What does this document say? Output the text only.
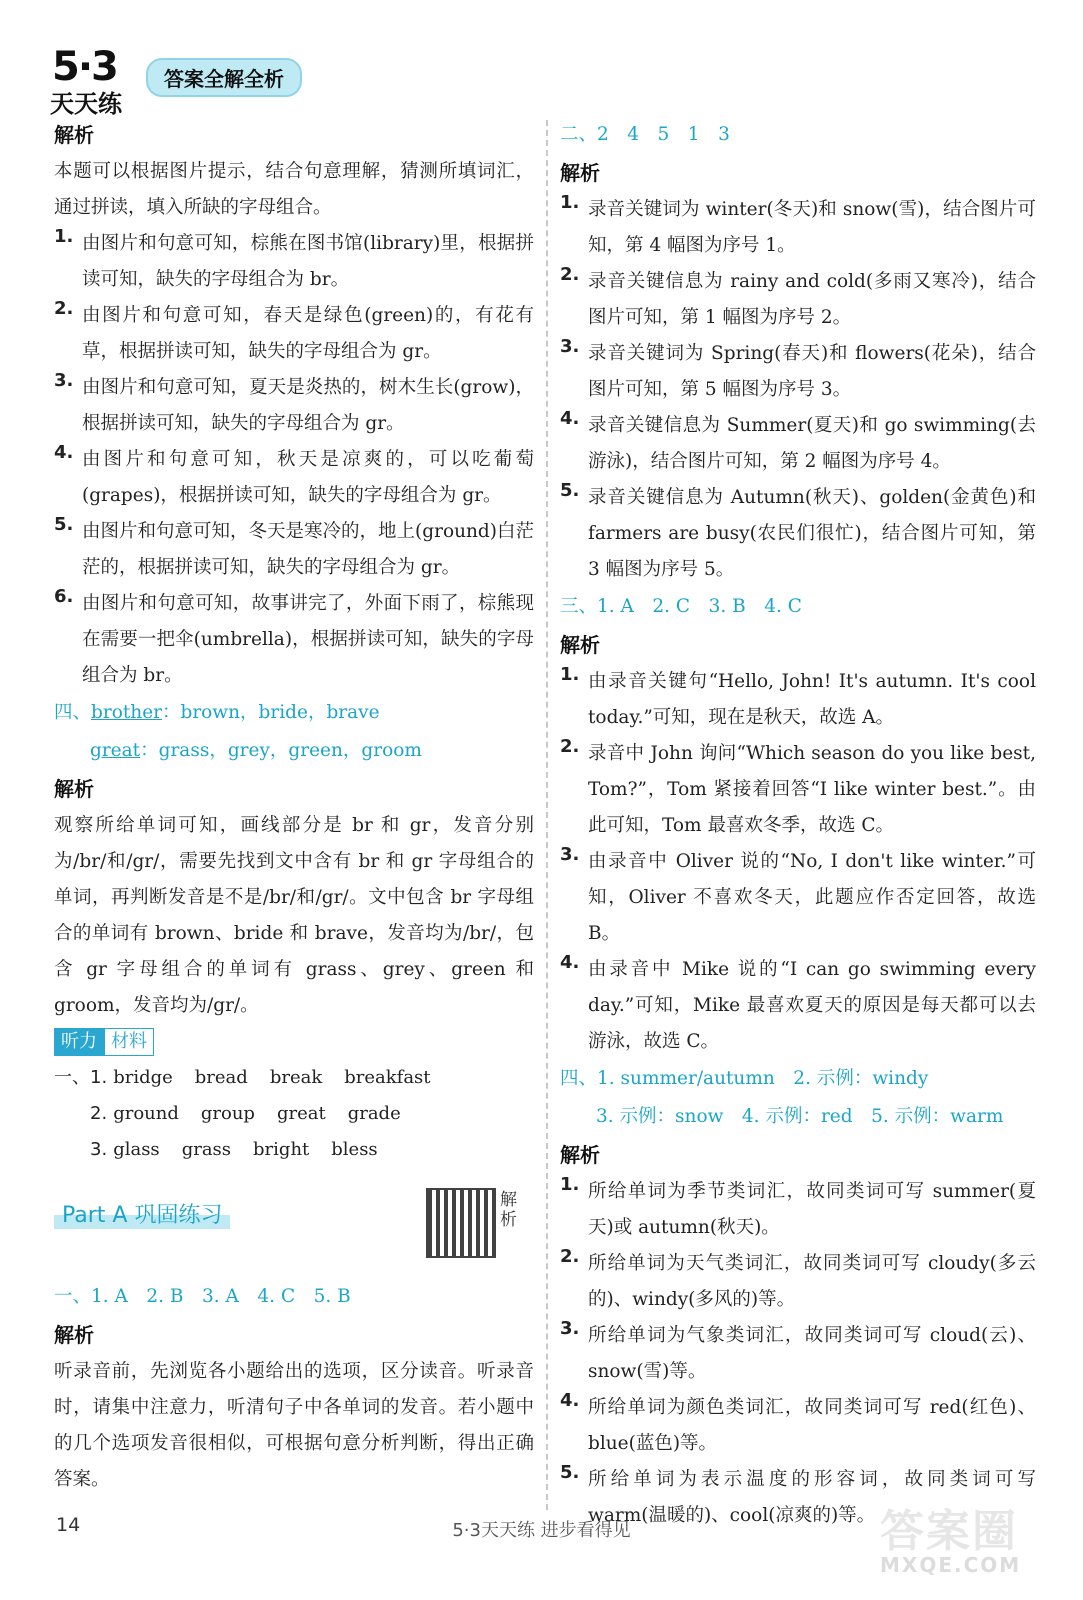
5·3
天天练
答案全解全析
解析
本题可以根据图片提示，结合句意理解，猜测所填词汇，通过拼读，填入所缺的字母组合。
1. 由图片和句意可知，棕熊在图书馆(library)里，根据拼读可知，缺失的字母组合为 br。
2. 由图片和句意可知，春天是绿色(green)的，有花有草，根据拼读可知，缺失的字母组合为 gr。
3. 由图片和句意可知，夏天是炎热的，树木生长(grow)，根据拼读可知，缺失的字母组合为 gr。
4. 由图片和句意可知，秋天是凉爽的，可以吃葡萄(grapes)，根据拼读可知，缺失的字母组合为 gr。
5. 由图片和句意可知，冬天是寒冷的，地上(ground)白茫茫的，根据拼读可知，缺失的字母组合为 gr。
6. 由图片和句意可知，故事讲完了，外面下雨了，棕熊现在需要一把伞(umbrella)，根据拼读可知，缺失的字母组合为 br。
四、brother：brown，bride，brave
great：grass，grey，green，groom
解析
观察所给单词可知，画线部分是 br 和 gr，发音分别为/br/和/gr/，需要先找到文中含有 br 和 gr 字母组合的单词，再判断发音是不是/br/和/gr/。文中包含 br 字母组合的单词有 brown、bride 和 brave，发音均为/br/，包含 gr 字母组合的单词有 grass、grey、green 和 groom，发音均为/gr/。
听力 材料
一、1. bridge bread break breakfast
2. ground group great grade
3. glass grass bright bless
Part A 巩固练习
解析
一、1. A　2. B　3. A　4. C　5. B
解析
听录音前，先浏览各小题给出的选项，区分读音。听录音时，请集中注意力，听清句子中各单词的发音。若小题中的几个选项发音很相似，可根据句意分析判断，得出正确答案。
二、2　4　5　1　3
解析
1. 录音关键词为 winter(冬天)和 snow(雪)，结合图片可知，第 4 幅图为序号 1。
2. 录音关键信息为 rainy and cold(多雨又寒冷)，结合图片可知，第 1 幅图为序号 2。
3. 录音关键词为 Spring(春天)和 flowers(花朵)，结合图片可知，第 5 幅图为序号 3。
4. 录音关键信息为 Summer(夏天)和 go swimming(去游泳)，结合图片可知，第 2 幅图为序号 4。
5. 录音关键信息为 Autumn(秋天)、golden(金黄色)和 farmers are busy(农民们很忙)，结合图片可知，第 3 幅图为序号 5。
三、1. A　2. C　3. B　4. C
解析
1. 由录音关键句“Hello, John! It's autumn. It's cool today.”可知，现在是秋天，故选 A。
2. 录音中 John 询问“Which season do you like best, Tom?”，Tom 紧接着回答“I like winter best.”。由此可知，Tom 最喜欢冬季，故选 C。
3. 由录音中 Oliver 说的“No, I don't like winter.”可知，Oliver 不喜欢冬天，此题应作否定回答，故选 B。
4. 由录音中 Mike 说的“I can go swimming every day.”可知，Mike 最喜欢夏天的原因是每天都可以去游泳，故选 C。
四、1. summer/autumn　2. 示例：windy
3. 示例：snow　4. 示例：red　5. 示例：warm
解析
1. 所给单词为季节类词汇，故同类词可写 summer(夏天)或 autumn(秋天)。
2. 所给单词为天气类词汇，故同类词可写 cloudy(多云的)、windy(多风的)等。
3. 所给单词为气象类词汇，故同类词可写 cloud(云)、snow(雪)等。
4. 所给单词为颜色类词汇，故同类词可写 red(红色)、blue(蓝色)等。
5. 所给单词为表示温度的形容词，故同类词可写 warm(温暖的)、cool(凉爽的)等。
14	5·3天天练 进步看得见	答案圈
MXQE.COM
